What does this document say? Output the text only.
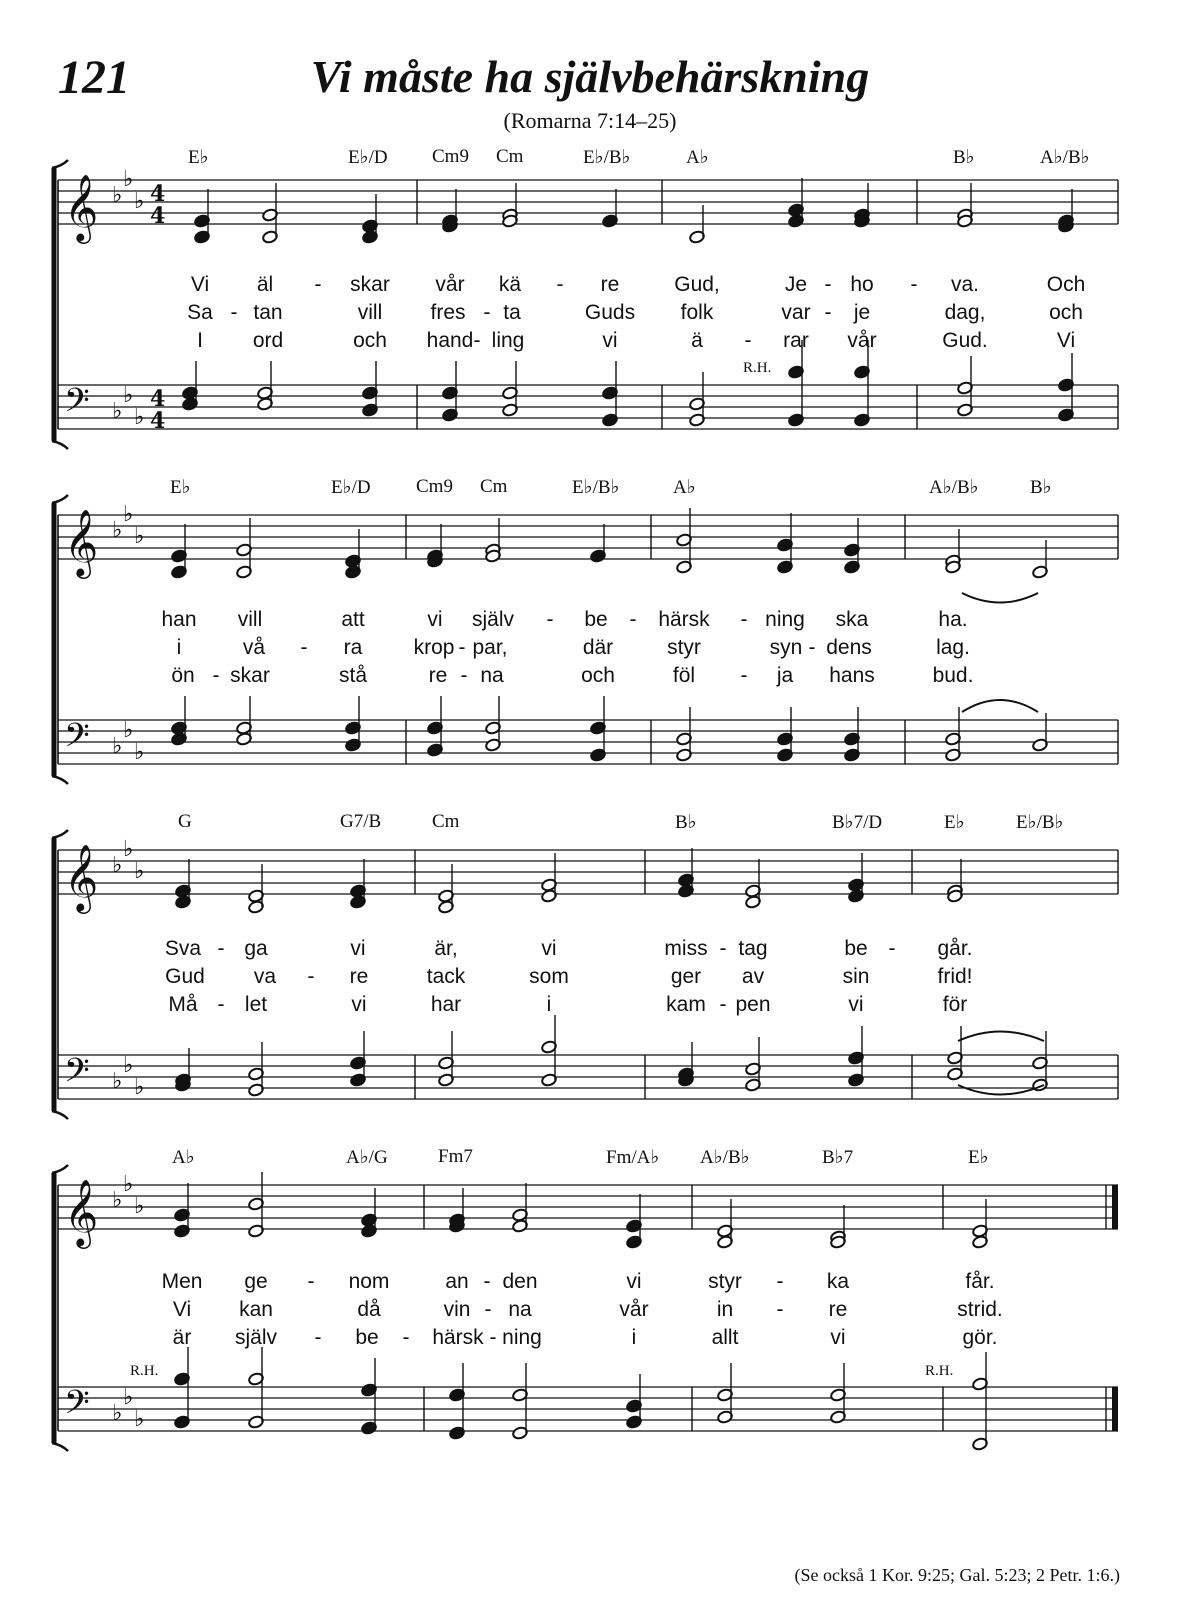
121	Vi måste ha självbehärskning
(Romarna 7:14–25)
𝄞 ♭
♭
♭ 4
4
𝄢 ♭
♭
♭
4
4
𝄞 ♭
♭
♭
𝄢 ♭
♭
♭
𝄞 ♭
♭
♭
𝄢 ♭
♭
♭
𝄞 ♭
♭
♭
𝄢 ♭
♭
♭
E♭	E♭/D Cm9 Cm	E♭/B♭	A♭	B♭	A♭/B♭
Vi äl - skar vår kä - re	Gud,	Je - ho - va.	Och
Sa - tan	vill fres - ta	Guds folk	var - je	dag,	och
I ord	och hand - ling	vi	ä - rar vår	Gud.	Vi
R.H.
E♭	E♭/D Cm9 Cm	E♭/B♭	A♭	A♭/B♭	B♭
han vill	att	vi själv - be - härsk - ning ska	ha.
i	vå - ra krop - par,	där	styr	syn - dens	lag.
ön - skar	stå	re - na	och	föl - ja hans	bud.
G	G7/B	Cm	B♭	B♭7/D	E♭	E♭/B♭
Sva - ga	vi	är,	vi	miss - tag	be - går.
Gud va - re	tack	som	ger av	sin	frid!
Må - let	vi	har	i	kam - pen	vi	för
A♭	A♭/G	Fm7	Fm/A♭ A♭/B♭	B♭7	E♭
Men ge - nom	an - den	vi	styr - ka	får.
Vi kan	då	vin - na	vår	in - re	strid.
är själv - be - härsk - ning	i	allt	vi	gör.
R.H.	R.H.
(Se också 1 Kor. 9:25; Gal. 5:23; 2 Petr. 1:6.)
